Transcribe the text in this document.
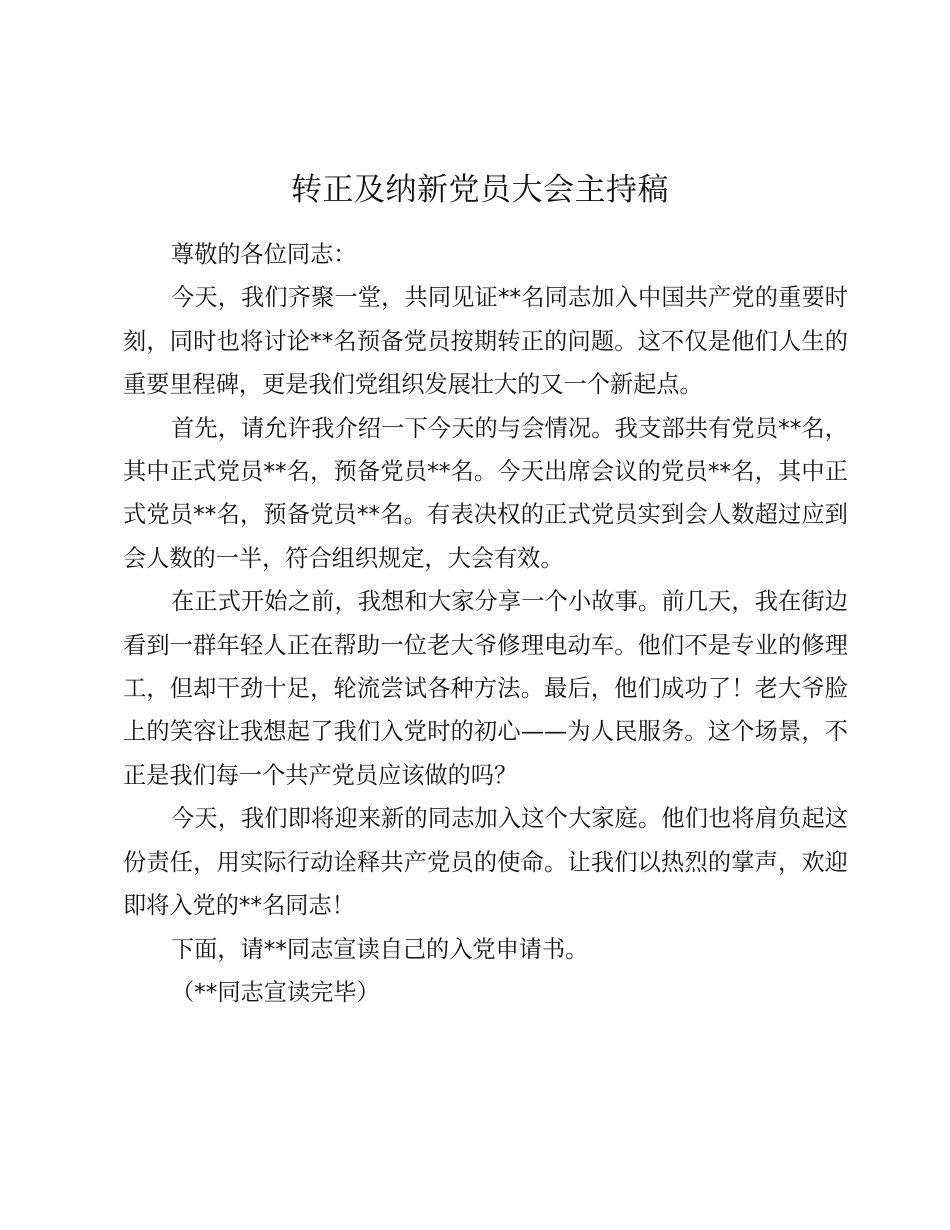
转正及纳新党员大会主持稿

尊敬的各位同志：

今天，我们齐聚一堂，共同见证**名同志加入中国共产党的重要时刻，同时也将讨论**名预备党员按期转正的问题。这不仅是他们人生的重要里程碑，更是我们党组织发展壮大的又一个新起点。

首先，请允许我介绍一下今天的与会情况。我支部共有党员**名，其中正式党员**名，预备党员**名。今天出席会议的党员**名，其中正式党员**名，预备党员**名。有表决权的正式党员实到会人数超过应到会人数的一半，符合组织规定，大会有效。

在正式开始之前，我想和大家分享一个小故事。前几天，我在街边看到一群年轻人正在帮助一位老大爷修理电动车。他们不是专业的修理工，但却干劲十足，轮流尝试各种方法。最后，他们成功了！老大爷脸上的笑容让我想起了我们入党时的初心——为人民服务。这个场景，不正是我们每一个共产党员应该做的吗？

今天，我们即将迎来新的同志加入这个大家庭。他们也将肩负起这份责任，用实际行动诠释共产党员的使命。让我们以热烈的掌声，欢迎即将入党的**名同志！

下面，请**同志宣读自己的入党申请书。

（**同志宣读完毕）
